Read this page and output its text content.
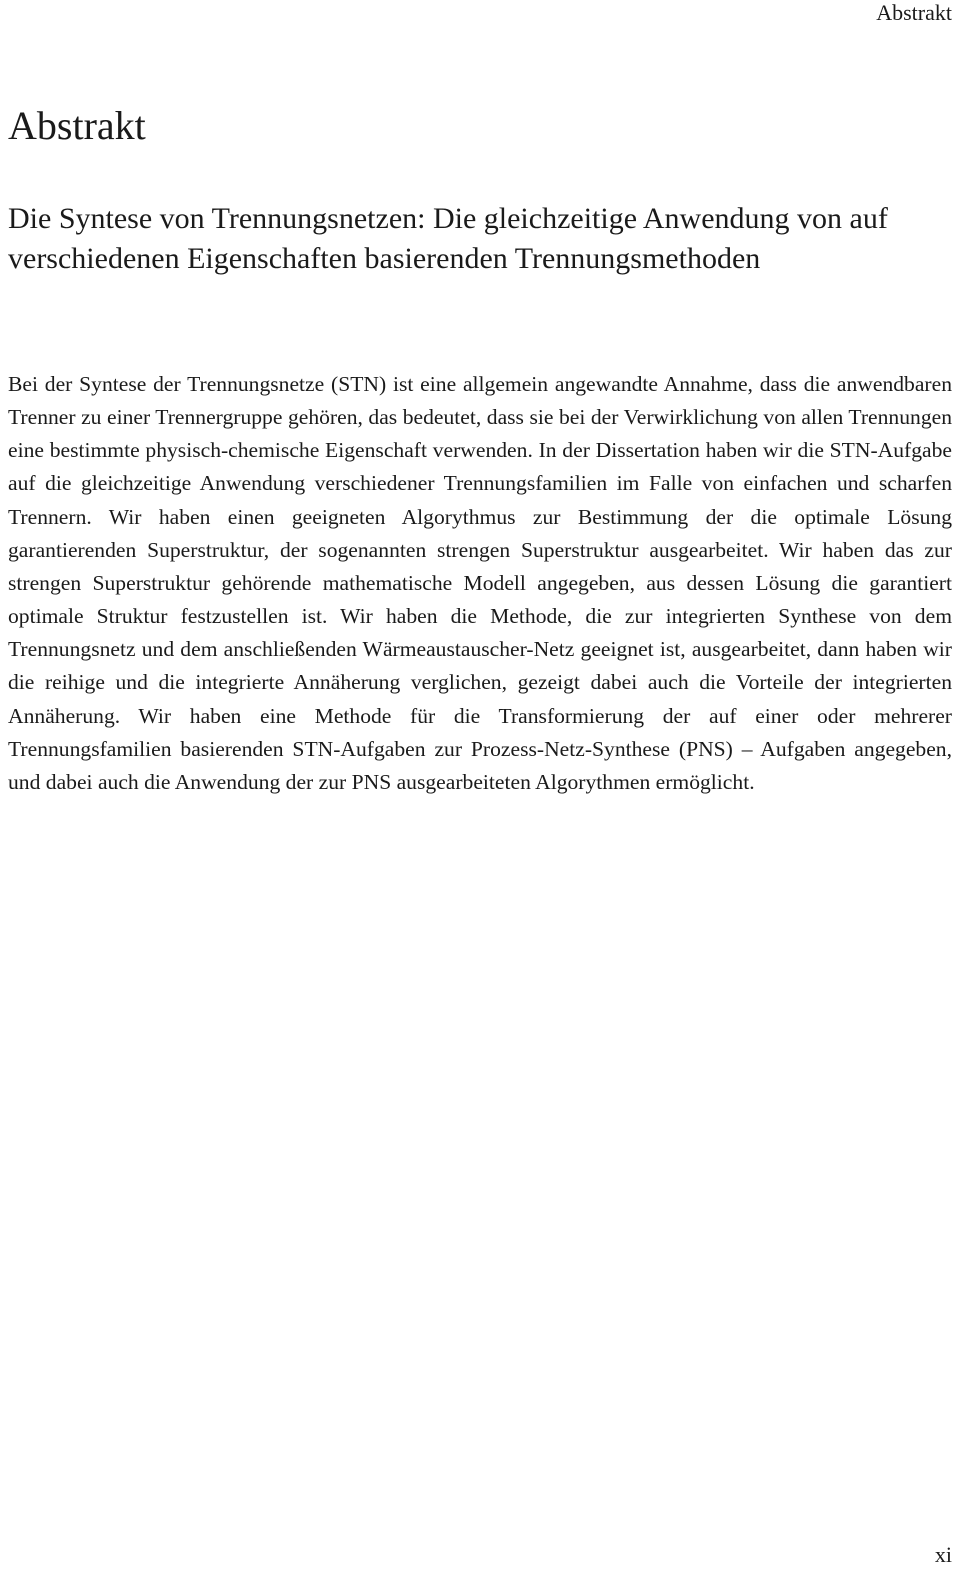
Abstrakt
Abstrakt
Die Syntese von Trennungsnetzen: Die gleichzeitige Anwendung von auf verschiedenen Eigenschaften basierenden Trennungsmethoden

Bei der Syntese der Trennungsnetze (STN) ist eine allgemein angewandte Annahme, dass die anwendbaren Trenner zu einer Trennergruppe gehören, das bedeutet, dass sie bei der Verwirklichung von allen Trennungen eine bestimmte physisch-chemische Eigenschaft verwenden. In der Dissertation haben wir die STN-Aufgabe auf die gleichzeitige Anwendung verschiedener Trennungsfamilien im Falle von einfachen und scharfen Trennern. Wir haben einen geeigneten Algorythmus zur Bestimmung der die optimale Lösung garantierenden Superstruktur, der sogenannten strengen Superstruktur ausgearbeitet. Wir haben das zur strengen Superstruktur gehörende mathematische Modell angegeben, aus dessen Lösung die garantiert optimale Struktur festzustellen ist. Wir haben die Methode, die zur integrierten Synthese von dem Trennungsnetz und dem anschließenden Wärmeaustauscher-Netz geeignet ist, ausgearbeitet, dann haben wir die reihige und die integrierte Annäherung verglichen, gezeigt dabei auch die Vorteile der integrierten Annäherung. Wir haben eine Methode für die Transformierung der auf einer oder mehrerer Trennungsfamilien basierenden STN-Aufgaben zur Prozess-Netz-Synthese (PNS) – Aufgaben angegeben, und dabei auch die Anwendung der zur PNS ausgearbeiteten Algorythmen ermöglicht.

xi
